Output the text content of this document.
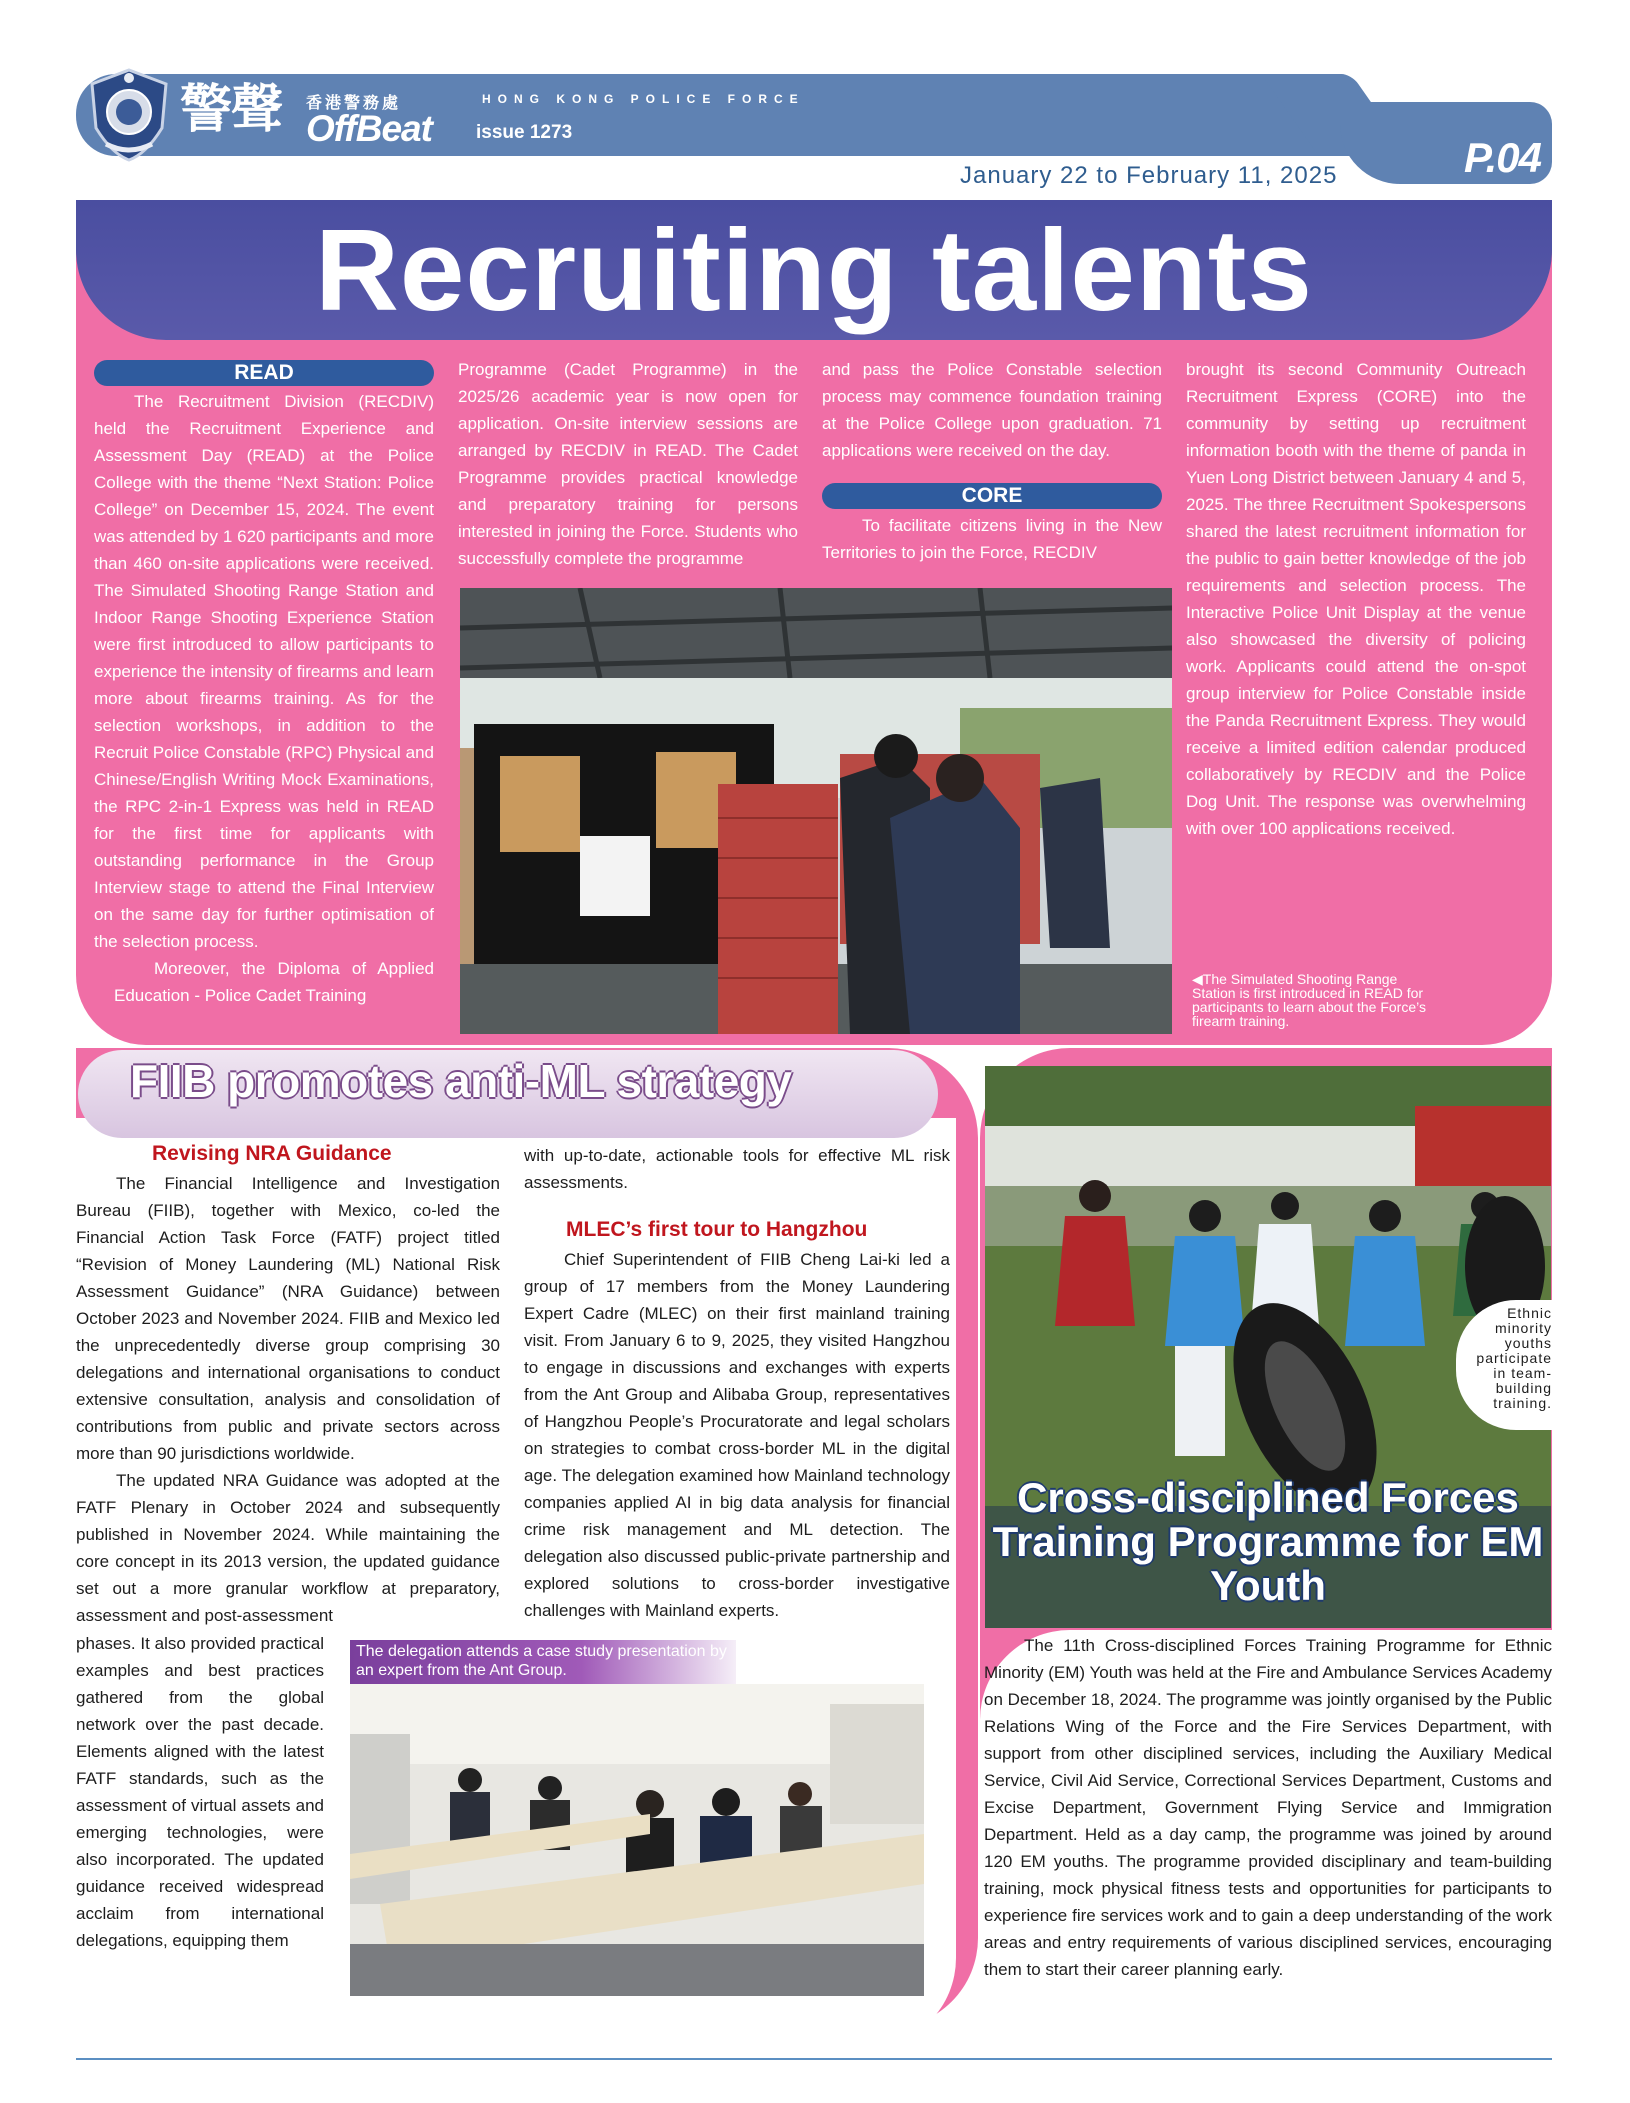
警聲 香港警務處	HONG KONG POLICE FORCE
OffBeat issue 1273
P.04
January 22 to February 11, 2025
Recruiting talents
READ

The Recruitment Division (RECDIV) held the Recruitment Experience and Assessment Day (READ) at the Police College with the theme “Next Station: Police College” on December 15, 2024. The event was attended by 1 620 participants and more than 460 on-site applications were received. The Simulated Shooting Range Station and Indoor Range Shooting Experience Station were first introduced to allow participants to experience the intensity of firearms and learn more about firearms training. As for the selection workshops, in addition to the Recruit Police Constable (RPC) Physical and Chinese/English Writing Mock Examinations, the RPC 2-in-1 Express was held in READ for the first time for applicants with outstanding performance in the Group Interview stage to attend the Final Interview on the same day for further optimisation of the selection process.

Moreover, the Diploma of Applied Education - Police Cadet Training

Programme (Cadet Programme) in the 2025/26 academic year is now open for application. On-site interview sessions are arranged by RECDIV in READ. The Cadet Programme provides practical knowledge and preparatory training for persons interested in joining the Force. Students who successfully complete the programme
and pass the Police Constable selection process may commence foundation training at the Police College upon graduation. 71 applications were received on the day.
CORE

To facilitate citizens living in the New Territories to join the Force, RECDIV

brought its second Community Outreach Recruitment Express (CORE) into the community by setting up recruitment information booth with the theme of panda in Yuen Long District between January 4 and 5, 2025. The three Recruitment Spokespersons shared the latest recruitment information for the public to gain better knowledge of the job requirements and selection process. The Interactive Police Unit Display at the venue also showcased the diversity of policing work. Applicants could attend the on-spot group interview for Police Constable inside the Panda Recruitment Express. They would receive a limited edition calendar produced collaboratively by RECDIV and the Police Dog Unit. The response was overwhelming with over 100 applications received.
◀The Simulated Shooting Range Station is first introduced in READ for participants to learn about the Force’s firearm training.
FIIB promotes anti-ML strategy
Revising NRA Guidance

The Financial Intelligence and Investigation Bureau (FIIB), together with Mexico, co-led the Financial Action Task Force (FATF) project titled “Revision of Money Laundering (ML) National Risk Assessment Guidance” (NRA Guidance) between October 2023 and November 2024. FIIB and Mexico led the unprecedentedly diverse group comprising 30 delegations and international organisations to conduct extensive consultation, analysis and consolidation of contributions from public and private sectors across more than 90 jurisdictions worldwide.

The updated NRA Guidance was adopted at the FATF Plenary in October 2024 and subsequently published in November 2024. While maintaining the core concept in its 2013 version, the updated guidance set out a more granular workflow at preparatory, assessment and post-assessment

phases. It also provided practical examples and best practices gathered from the global network over the past decade. Elements aligned with the latest FATF standards, such as the assessment of virtual assets and emerging technologies, were also incorporated. The updated guidance received widespread acclaim from international delegations, equipping them
with up-to-date, actionable tools for effective ML risk assessments.
MLEC’s first tour to Hangzhou

Chief Superintendent of FIIB Cheng Lai-ki led a group of 17 members from the Money Laundering Expert Cadre (MLEC) on their first mainland training visit. From January 6 to 9, 2025, they visited Hangzhou to engage in discussions and exchanges with experts from the Ant Group and Alibaba Group, representatives of Hangzhou People’s Procuratorate and legal scholars on strategies to combat cross-border ML in the digital age. The delegation examined how Mainland technology companies applied AI in big data analysis for financial crime risk management and ML detection. The delegation also discussed public-private partnership and explored solutions to cross-border investigative challenges with Mainland experts.

The delegation attends a case study presentation by an expert from the Ant Group.
Ethnic minority youths participate in team-building training.
Cross-disciplined Forces Training Programme for EM Youth

The 11th Cross-disciplined Forces Training Programme for Ethnic Minority (EM) Youth was held at the Fire and Ambulance Services Academy on December 18, 2024. The programme was jointly organised by the Public Relations Wing of the Force and the Fire Services Department, with support from other disciplined services, including the Auxiliary Medical Service, Civil Aid Service, Correctional Services Department, Customs and Excise Department, Government Flying Service and Immigration Department. Held as a day camp, the programme was joined by around 120 EM youths. The programme provided disciplinary and team-building training, mock physical fitness tests and opportunities for participants to experience fire services work and to gain a deep understanding of the work areas and entry requirements of various disciplined services, encouraging them to start their career planning early.
